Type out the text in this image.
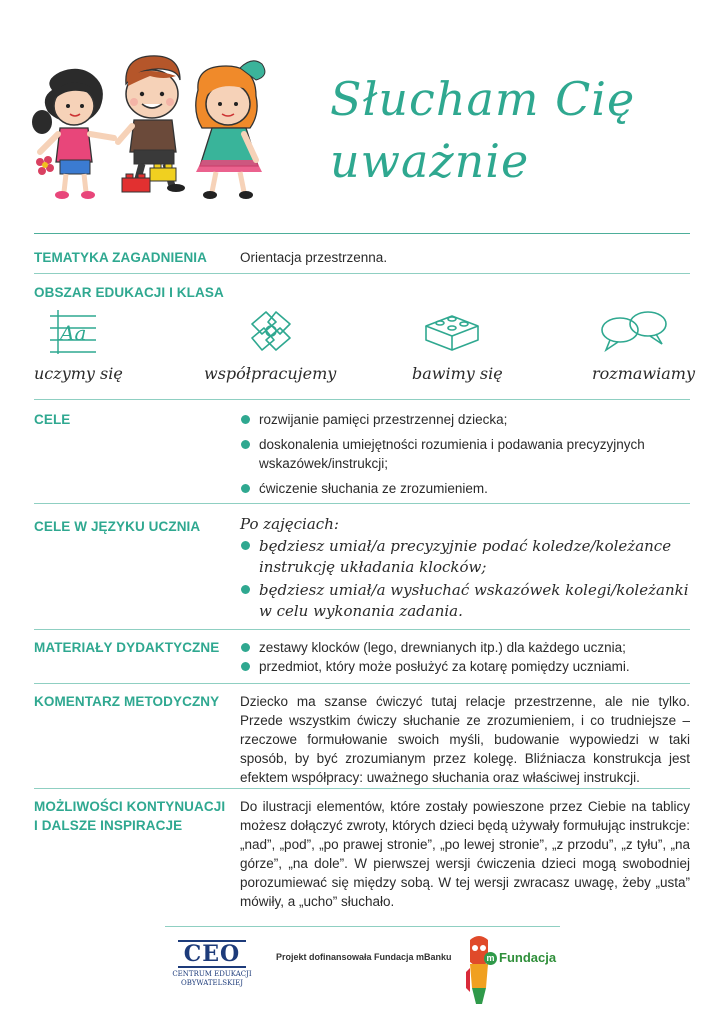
Słucham Cię
uważnie
TEMATYKA ZAGADNIENIA Orientacja przestrzenna.
OBSZAR EDUKACJI I KLASA
Aa
uczymy się	współpracujemy	bawimy się	rozmawiamy
CELE	rozwijanie pamięci przestrzennej dziecka;
doskonalenia umiejętności rozumienia i podawania precyzyjnych wskazówek/instrukcji;
ćwiczenie słuchania ze zrozumieniem.
CELE W JĘZYKU UCZNIA	Po zajęciach:
będziesz umiał/a precyzyjnie podać koledze/koleżance instrukcję układania klocków;
będziesz umiał/a wysłuchać wskazówek kolegi/koleżanki w celu wykonania zadania.
MATERIAŁY DYDAKTYCZNE	zestawy klocków (lego, drewnianych itp.) dla każdego ucznia;
przedmiot, który może posłużyć za kotarę pomiędzy uczniami.
KOMENTARZ METODYCZNY Dziecko ma szanse ćwiczyć tutaj relacje przestrzenne, ale nie tylko. Przede wszystkim ćwiczy słuchanie ze zrozumieniem, i co trudniejsze – rzeczowe formułowanie swoich myśli, budowanie wypowiedzi w taki sposób, by być zrozumianym przez kolegę. Bliźniacza konstrukcja jest efektem współpracy: uważnego słuchania oraz właściwej instrukcji.
MOŻLIWOŚCI KONTYNUACJI
I DALSZE INSPIRACJE
Do ilustracji elementów, które zostały powieszone przez Ciebie na tablicy możesz dołączyć zwroty, których dzieci będą używały formułując instrukcje: „nad”, „pod”, „po prawej stronie”, „po lewej stronie”, „z przodu”, „z tyłu”, „na górze”, „na dole”. W pierwszej wersji ćwiczenia dzieci mogą swobodniej porozumiewać się między sobą. W tej wersji zwracasz uwagę, żeby „usta” mówiły, a „ucho” słuchało.
CEO
CENTRUM EDUKACJI
OBYWATELSKIEJ
Projekt dofinansowała Fundacja mBanku	m Fundacja
